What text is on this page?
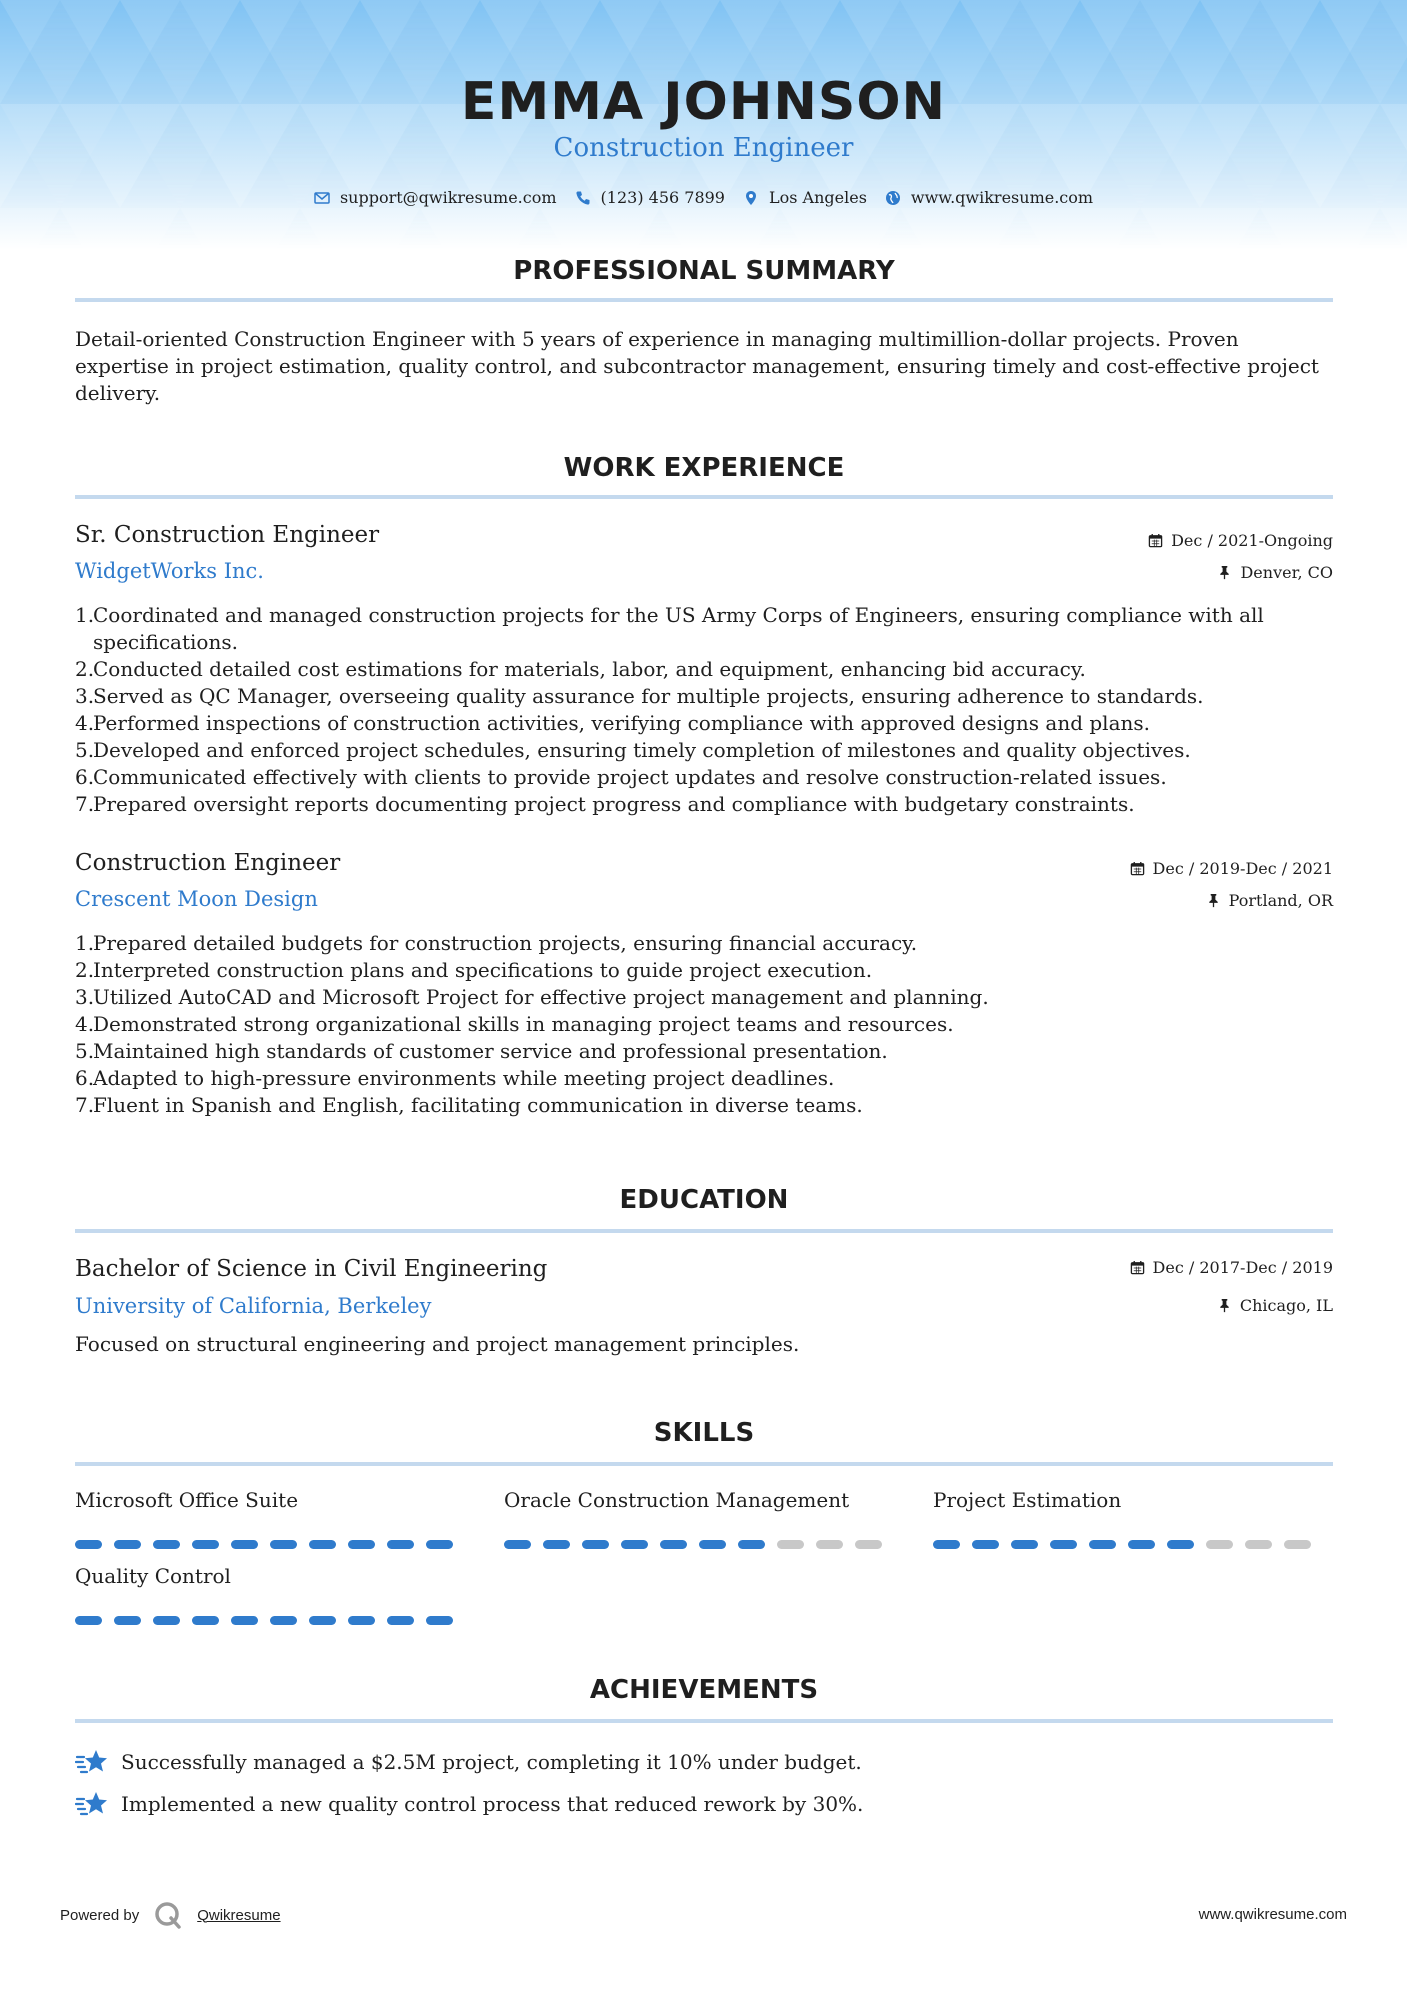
EMMA JOHNSON
Construction Engineer
support@qwikresume.com	(123) 456 7899	Los Angeles	www.qwikresume.com
PROFESSIONAL SUMMARY
Detail-oriented Construction Engineer with 5 years of experience in managing multimillion-dollar projects. Proven expertise in project estimation, quality control, and subcontractor management, ensuring timely and cost-effective project delivery.
WORK EXPERIENCE
Sr. Construction Engineer
WidgetWorks Inc.
Dec / 2021-Ongoing
Denver, CO
1.
Coordinated and managed construction projects for the US Army Corps of Engineers, ensuring compliance with all specifications.
2.
Conducted detailed cost estimations for materials, labor, and equipment, enhancing bid accuracy.
3.
Served as QC Manager, overseeing quality assurance for multiple projects, ensuring adherence to standards.
4.
Performed inspections of construction activities, verifying compliance with approved designs and plans.
5.
Developed and enforced project schedules, ensuring timely completion of milestones and quality objectives.
6.
Communicated effectively with clients to provide project updates and resolve construction-related issues.
7.
Prepared oversight reports documenting project progress and compliance with budgetary constraints.
Construction Engineer
Crescent Moon Design
Dec / 2019-Dec / 2021
Portland, OR
1.
Prepared detailed budgets for construction projects, ensuring financial accuracy.
2.
Interpreted construction plans and specifications to guide project execution.
3.
Utilized AutoCAD and Microsoft Project for effective project management and planning.
4.
Demonstrated strong organizational skills in managing project teams and resources.
5.
Maintained high standards of customer service and professional presentation.
6.
Adapted to high-pressure environments while meeting project deadlines.
7.
Fluent in Spanish and English, facilitating communication in diverse teams.
EDUCATION
Bachelor of Science in Civil Engineering
University of California, Berkeley
Dec / 2017-Dec / 2019
Chicago, IL
Focused on structural engineering and project management principles.
SKILLS
Microsoft Office Suite	Oracle Construction Management	Project Estimation
Quality Control
ACHIEVEMENTS
Successfully managed a $2.5M project, completing it 10% under budget.
Implemented a new quality control process that reduced rework by 30%.
Powered by	Qwikresume	www.qwikresume.com
